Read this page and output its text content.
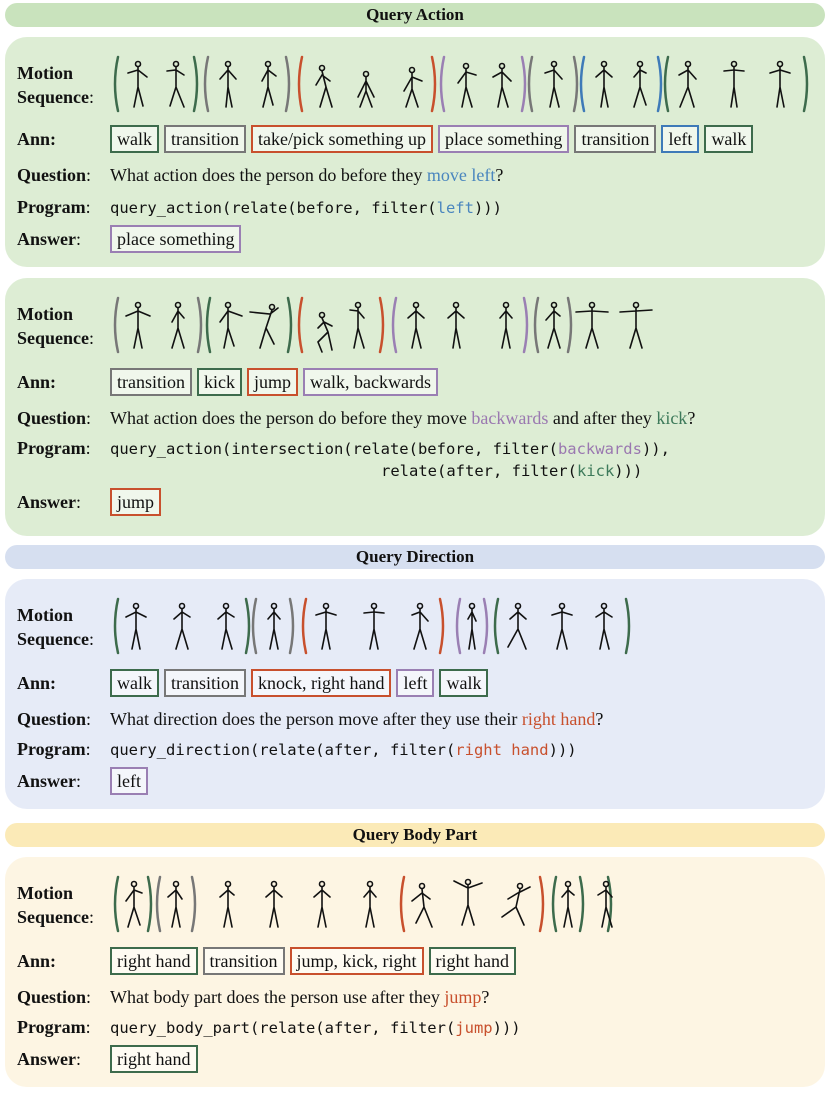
Query Action
Motion
Sequence:
Ann:	walk	transition	take/pick something up	place something	transition	left	walk
Question: What action does the person do before they move left?
Program: query_action(relate(before, filter(left)))
Answer:	place something
Motion
Sequence:
Ann:	transition	kick	jump	walk, backwards
Question: What action does the person do before they move backwards and after they kick?
Program: query_action(intersection(relate(before, filter(backwards)),
relate(after, filter(kick)))
Answer:	jump
Query Direction
Motion
Sequence:
Ann:	walk	transition	knock, right hand	left	walk
Question: What direction does the person move after they use their right hand?
Program: query_direction(relate(after, filter(right hand)))
Answer:	left
Query Body Part
Motion
Sequence:
Ann:	right hand	transition	jump, kick, right	right hand
Question: What body part does the person use after they jump?
Program: query_body_part(relate(after, filter(jump)))
Answer:	right hand
